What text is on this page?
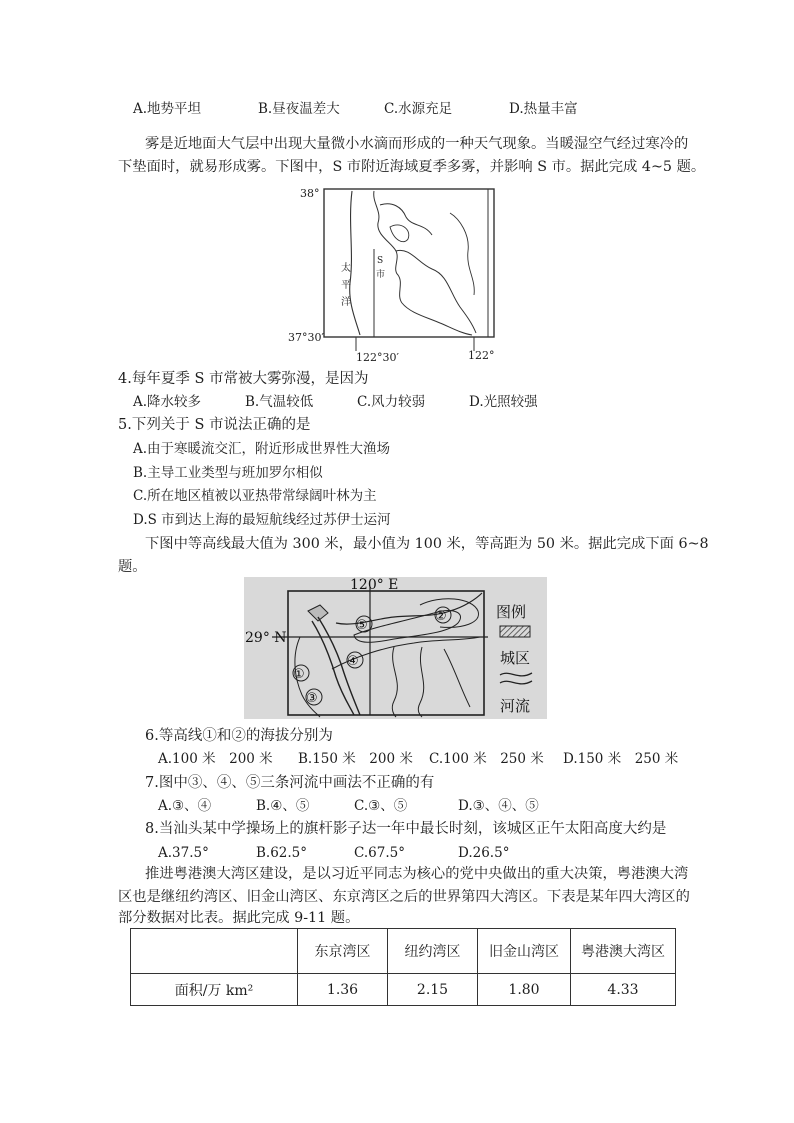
A.地势平坦	B.昼夜温差大	C.水源充足	D.热量丰富
雾是近地面大气层中出现大量微小水滴而形成的一种天气现象。当暖湿空气经过寒冷的
下垫面时，就易形成雾。下图中，S 市附近海域夏季多雾，并影响 S 市。据此完成 4~5 题。
38°
37°30′
122°30′	122°
太
平
洋
S
市
4.每年夏季 S 市常被大雾弥漫，是因为
A.降水较多	B.气温较低	C.风力较弱	D.光照较强
5.下列关于 S 市说法正确的是
A.由于寒暖流交汇，附近形成世界性大渔场
B.主导工业类型与班加罗尔相似
C.所在地区植被以亚热带常绿阔叶林为主
D.S 市到达上海的最短航线经过苏伊士运河
下图中等高线最大值为 300 米，最小值为 100 米，等高距为 50 米。据此完成下面 6~8
题。
120° E
29° N
⑤
②
④
①
③
图例
城区
河流
6.等高线①和②的海拔分别为
A.100 米　200 米 B.150 米　200 米 C.100 米　250 米 D.150 米　250 米
7.图中③、④、⑤三条河流中画法不正确的有
A.③、④	B.④、⑤	C.③、⑤	D.③、④、⑤
8.当汕头某中学操场上的旗杆影子达一年中最长时刻，该城区正午太阳高度大约是
A.37.5°	B.62.5°	C.67.5°	D.26.5°
推进粤港澳大湾区建设，是以习近平同志为核心的党中央做出的重大决策，粤港澳大湾
区也是继纽约湾区、旧金山湾区、东京湾区之后的世界第四大湾区。下表是某年四大湾区的
部分数据对比表。据此完成 9-11 题。
	东京湾区	纽约湾区	旧金山湾区	粤港澳大湾区
面积/万 km²	1.36	2.15	1.80	4.33
